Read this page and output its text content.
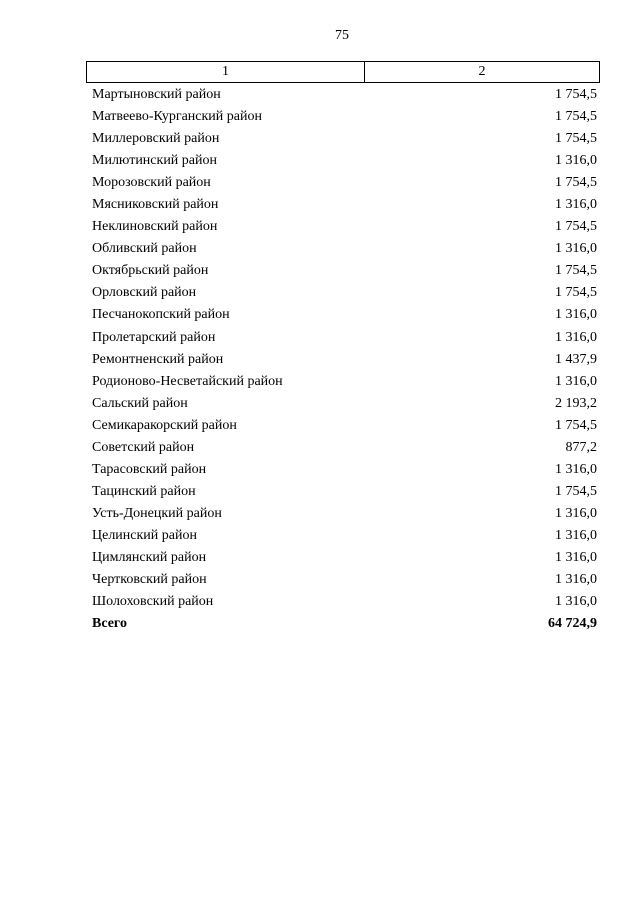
75
1	2
Мартыновский район	1 754,5
Матвеево-Курганский район	1 754,5
Миллеровский район	1 754,5
Милютинский район	1 316,0
Морозовский район	1 754,5
Мясниковский район	1 316,0
Неклиновский район	1 754,5
Обливский район	1 316,0
Октябрьский район	1 754,5
Орловский район	1 754,5
Песчанокопский район	1 316,0
Пролетарский район	1 316,0
Ремонтненский район	1 437,9
Родионово-Несветайский район	1 316,0
Сальский район	2 193,2
Семикаракорский район	1 754,5
Советский район	877,2
Тарасовский район	1 316,0
Тацинский район	1 754,5
Усть-Донецкий район	1 316,0
Целинский район	1 316,0
Цимлянский район	1 316,0
Чертковский район	1 316,0
Шолоховский район	1 316,0
Всего	64 724,9
